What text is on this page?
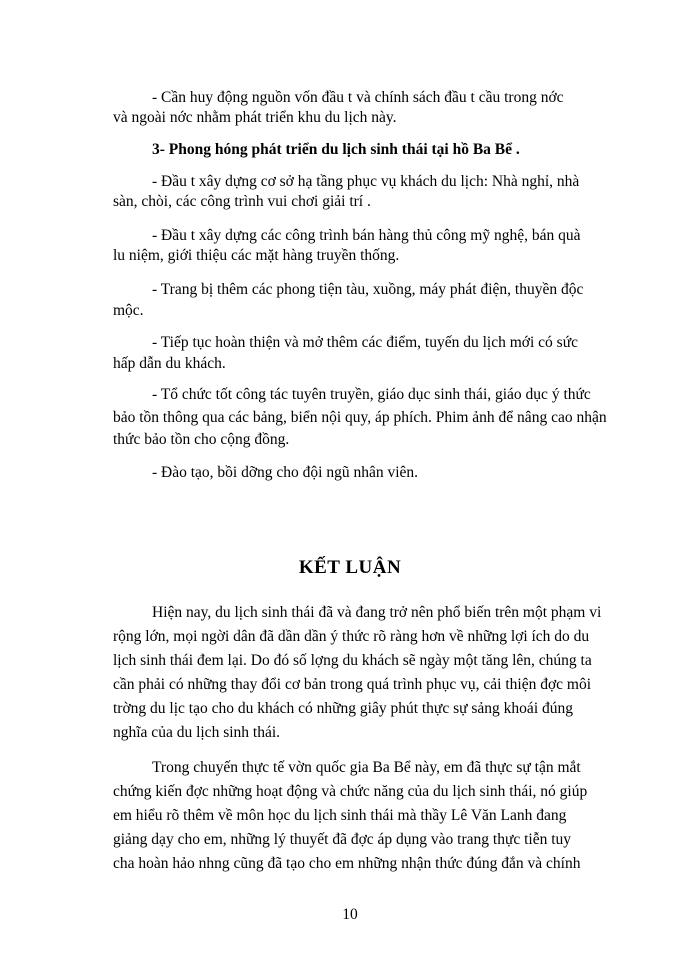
- Cần huy động nguồn vốn đầu t và chính sách đầu t cầu trong nớc
và ngoài nớc nhằm phát triển khu du lịch này.
3- Phong hóng phát triển du lịch sinh thái tại hồ Ba Bể .
- Đầu t xây dựng cơ sở hạ tầng phục vụ khách du lịch: Nhà nghỉ, nhà
sàn, chòi, các công trình vui chơi giải trí .
- Đầu t xây dựng các công trình bán hàng thủ công mỹ nghệ, bán quà
lu niệm, giới thiệu các mặt hàng truyền thống.
- Trang bị thêm các phong tiện tàu, xuồng, máy phát điện, thuyền độc
mộc.
- Tiếp tục hoàn thiện và mở thêm các điểm, tuyến du lịch mới có sức
hấp dẫn du khách.
- Tổ chức tốt công tác tuyên truyền, giáo dục sinh thái, giáo dục ý thức
bảo tồn thông qua các bảng, biển nội quy, áp phích. Phim ảnh để nâng cao nhận
thức bảo tồn cho cộng đồng.
- Đào tạo, bồi dỡng cho đội ngũ nhân viên.
KẾT LUẬN
Hiện nay, du lịch sinh thái đã và đang trở nên phổ biến trên một phạm vi
rộng lớn, mọi ngời dân đã dần dần ý thức rõ ràng hơn về những lợi ích do du
lịch sinh thái đem lại. Do đó số lợng du khách sẽ ngày một tăng lên, chúng ta
cần phải có những thay đổi cơ bản trong quá trình phục vụ, cải thiện đợc môi
trờng du lịc tạo cho du khách có những giây phút thực sự sảng khoái đúng
nghĩa của du lịch sinh thái.
Trong chuyến thực tế vờn quốc gia Ba Bể này, em đã thực sự tận mắt
chứng kiến đợc những hoạt động và chức năng của du lịch sinh thái, nó giúp
em hiểu rõ thêm về môn học du lịch sinh thái mà thầy Lê Văn Lanh đang
giảng dạy cho em, những lý thuyết đã đợc áp dụng vào trang thực tiễn tuy
cha hoàn hảo nhng cũng đã tạo cho em những nhận thức đúng đắn và chính
10
